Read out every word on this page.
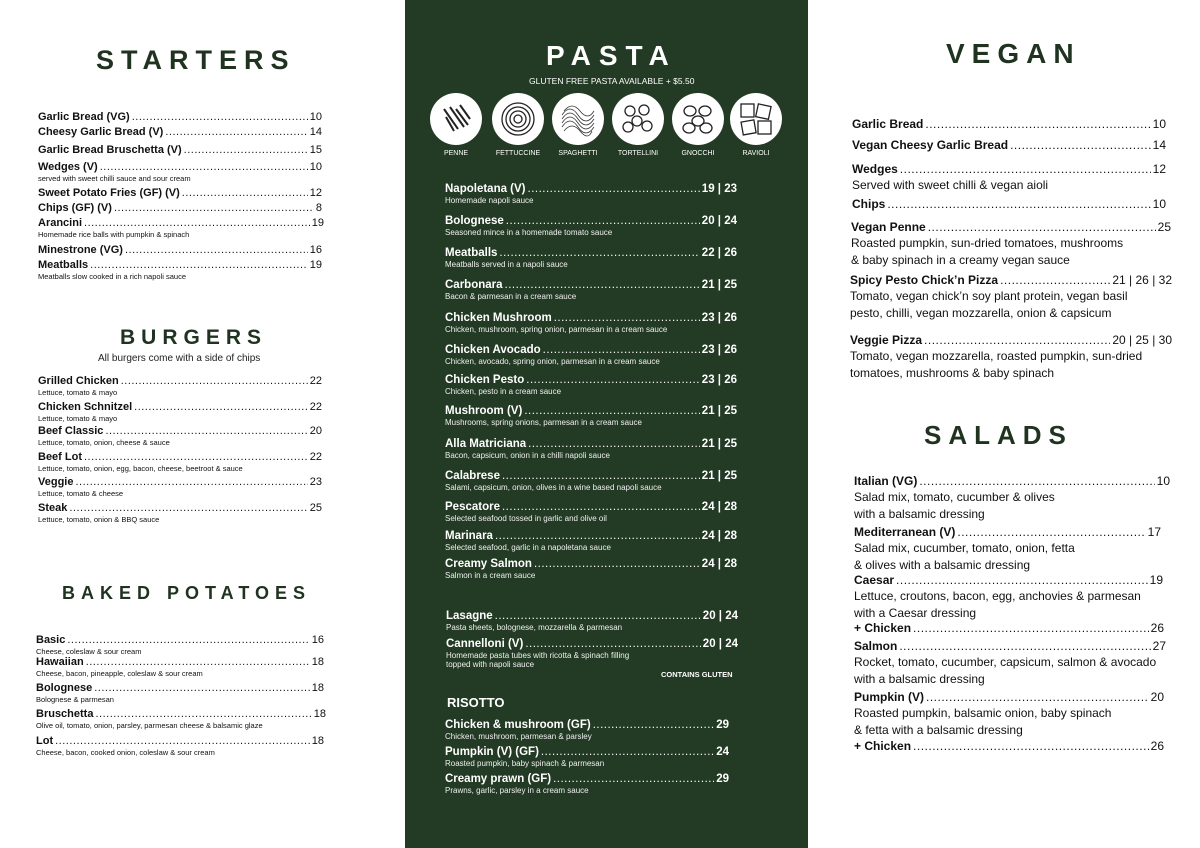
STARTERS
Garlic Bread (VG) .....	10
Cheesy Garlic Bread (V) .....	14
Garlic Bread Bruschetta (V) .....	15
Wedges (V) .....	10
served with sweet chilli sauce and sour cream
Sweet Potato Fries (GF) (V) .....	12
Chips (GF) (V) .....	8
Arancini .....	19
Homemade rice balls with pumpkin & spinach
Minestrone (VG) .....	16
Meatballs .....	19
Meatballs slow cooked in a rich napoli sauce
BURGERS
All burgers come with a side of chips
Grilled Chicken .....	22
Lettuce, tomato & mayo
Chicken Schnitzel .....	22
Lettuce, tomato & mayo
Beef Classic .....	20
Lettuce, tomato, onion, cheese & sauce
Beef Lot .....	22
Lettuce, tomato, onion, egg, bacon, cheese, beetroot & sauce
Veggie .....	23
Lettuce, tomato & cheese
Steak .....	25
Lettuce, tomato, onion & BBQ sauce
BAKED POTATOES
Basic .....	16
Cheese, coleslaw & sour cream
Hawaiian .....	18
Cheese, bacon, pineapple, coleslaw & sour cream
Bolognese .....	18
Bolognese & parmesan
Bruschetta .....	18
Olive oil, tomato, onion, parsley, parmesan cheese & balsamic glaze
Lot .....	18
Cheese, bacon, cooked onion, coleslaw & sour cream
PASTA
GLUTEN FREE PASTA AVAILABLE + $5.50
PENNE	FETTUCCINE	SPAGHETTI	TORTELLINI	GNOCCHI	RAVIOLI
Napoletana (V) .....	19 | 23
Homemade napoli sauce
Bolognese .....	20 | 24
Seasoned mince in a homemade tomato sauce
Meatballs .....	22 | 26
Meatballs served in a napoli sauce
Carbonara .....	21 | 25
Bacon & parmesan in a cream sauce
Chicken Mushroom .....	23 | 26
Chicken, mushroom, spring onion, parmesan in a cream sauce
Chicken Avocado .....	23 | 26
Chicken, avocado, spring onion, parmesan in a cream sauce
Chicken Pesto .....	23 | 26
Chicken, pesto in a cream sauce
Mushroom (V) .....	21 | 25
Mushrooms, spring onions, parmesan in a cream sauce
Alla Matriciana .....	21 | 25
Bacon, capsicum, onion in a chilli napoli sauce
Calabrese .....	21 | 25
Salami, capsicum, onion, olives in a wine based napoli sauce
Pescatore .....	24 | 28
Selected seafood tossed in garlic and olive oil
Marinara .....	24 | 28
Selected seafood, garlic in a napoletana sauce
Creamy Salmon .....	24 | 28
Salmon in a cream sauce
Lasagne .....	20 | 24
Pasta sheets, bolognese, mozzarella & parmesan
Cannelloni (V) .....	20 | 24
Homemade pasta tubes with ricotta & spinach filling
topped with napoli sauce
CONTAINS GLUTEN
RISOTTO
Chicken & mushroom (GF) .....	29
Chicken, mushroom, parmesan & parsley
Pumpkin (V) (GF) .....	24
Roasted pumpkin, baby spinach & parmesan
Creamy prawn (GF) .....	29
Prawns, garlic, parsley in a cream sauce
VEGAN
Garlic Bread .....	10
Vegan Cheesy Garlic Bread .....	14
Wedges .....	12
Served with sweet chilli & vegan aioli
Chips .....	10
Vegan Penne .....	25
Roasted pumpkin, sun-dried tomatoes, mushrooms
& baby spinach in a creamy vegan sauce
Spicy Pesto Chick’n Pizza .....	21 | 26 | 32
Tomato, vegan chick’n soy plant protein, vegan basil
pesto, chilli, vegan mozzarella, onion & capsicum
Veggie Pizza .....	20 | 25 | 30
Tomato, vegan mozzarella, roasted pumpkin, sun-dried
tomatoes, mushrooms & baby spinach
SALADS
Italian (VG) .....	10
Salad mix, tomato, cucumber & olives
with a balsamic dressing
Mediterranean (V) .....	17
Salad mix, cucumber, tomato, onion, fetta
& olives with a balsamic dressing
Caesar .....	19
Lettuce, croutons, bacon, egg, anchovies & parmesan
with a Caesar dressing
+ Chicken .....	26
Salmon .....	27
Rocket, tomato, cucumber, capsicum, salmon & avocado
with a balsamic dressing
Pumpkin (V) .....	20
Roasted pumpkin, balsamic onion, baby spinach
& fetta with a balsamic dressing
+ Chicken .....	26
